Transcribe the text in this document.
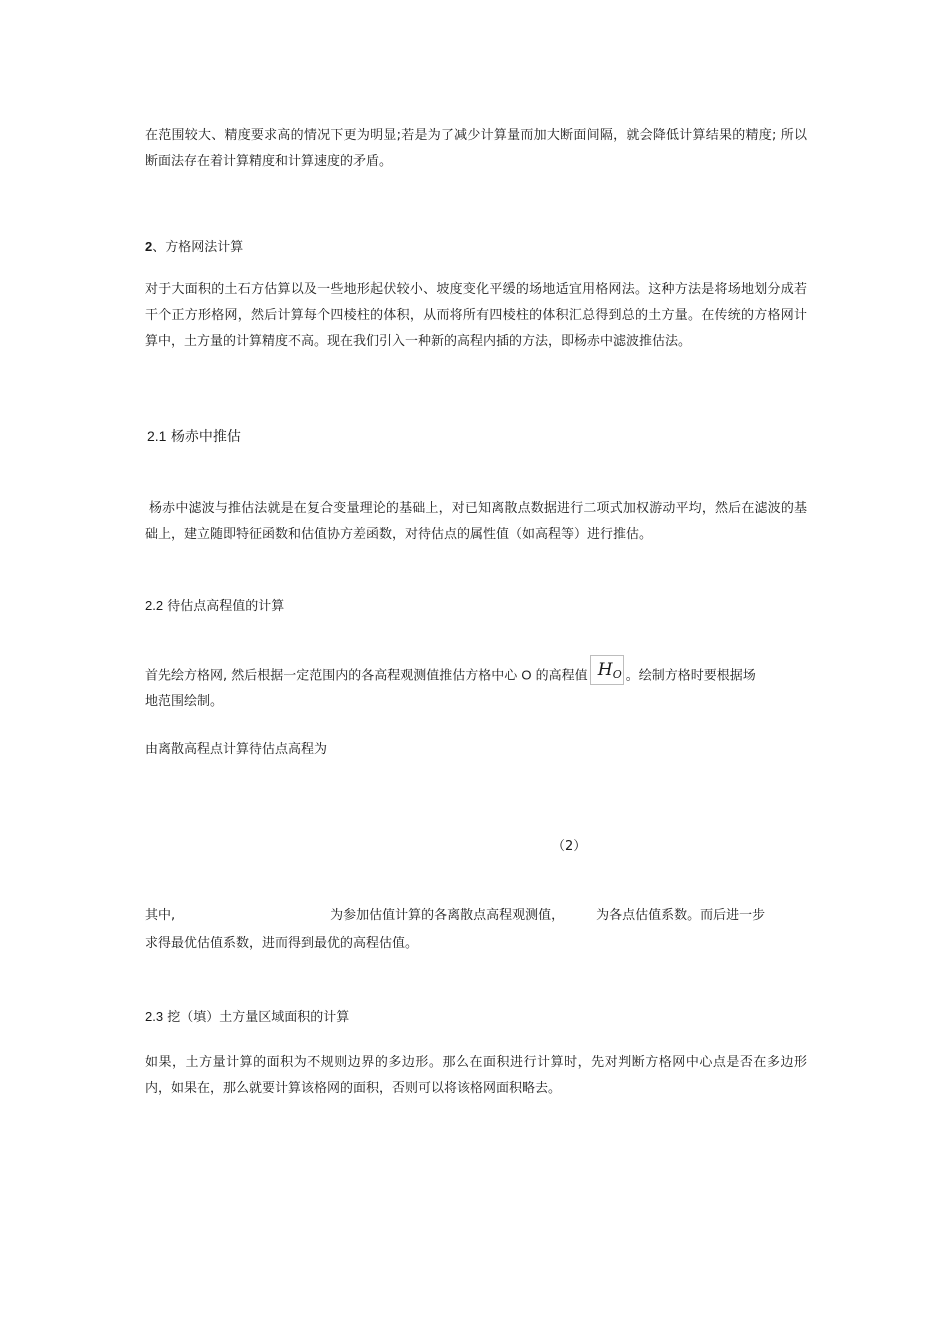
在范围较大、精度要求高的情况下更为明显;若是为了减少计算量而加大断面间隔，就会降低计算结果的精度; 所以断面法存在着计算精度和计算速度的矛盾。

2、方格网法计算

对于大面积的土石方估算以及一些地形起伏较小、坡度变化平缓的场地适宜用格网法。这种方法是将场地划分成若干个正方形格网，然后计算每个四棱柱的体积，从而将所有四棱柱的体积汇总得到总的土方量。在传统的方格网计算中，土方量的计算精度不高。现在我们引入一种新的高程内插的方法，即杨赤中滤波推估法。

2.1 杨赤中推估

杨赤中滤波与推估法就是在复合变量理论的基础上，对已知离散点数据进行二项式加权游动平均，然后在滤波的基础上，建立随即特征函数和估值协方差函数，对待估点的属性值（如高程等）进行推估。

2.2 待估点高程值的计算

首先绘方格网, 然后根据一定范围内的各高程观测值推估方格中心 O 的高程值 H O 。绘制方格时要根据场

地范围绘制。

由离散高程点计算待估点高程为

（2）

其中,	为参加估值计算的各离散点高程观测值， 为各点估值系数。而后进一步

求得最优估值系数，进而得到最优的高程估值。

2.3 挖（填）土方量区域面积的计算

如果，土方量计算的面积为不规则边界的多边形。那么在面积进行计算时，先对判断方格网中心点是否在多边形内，如果在，那么就要计算该格网的面积，否则可以将该格网面积略去。
